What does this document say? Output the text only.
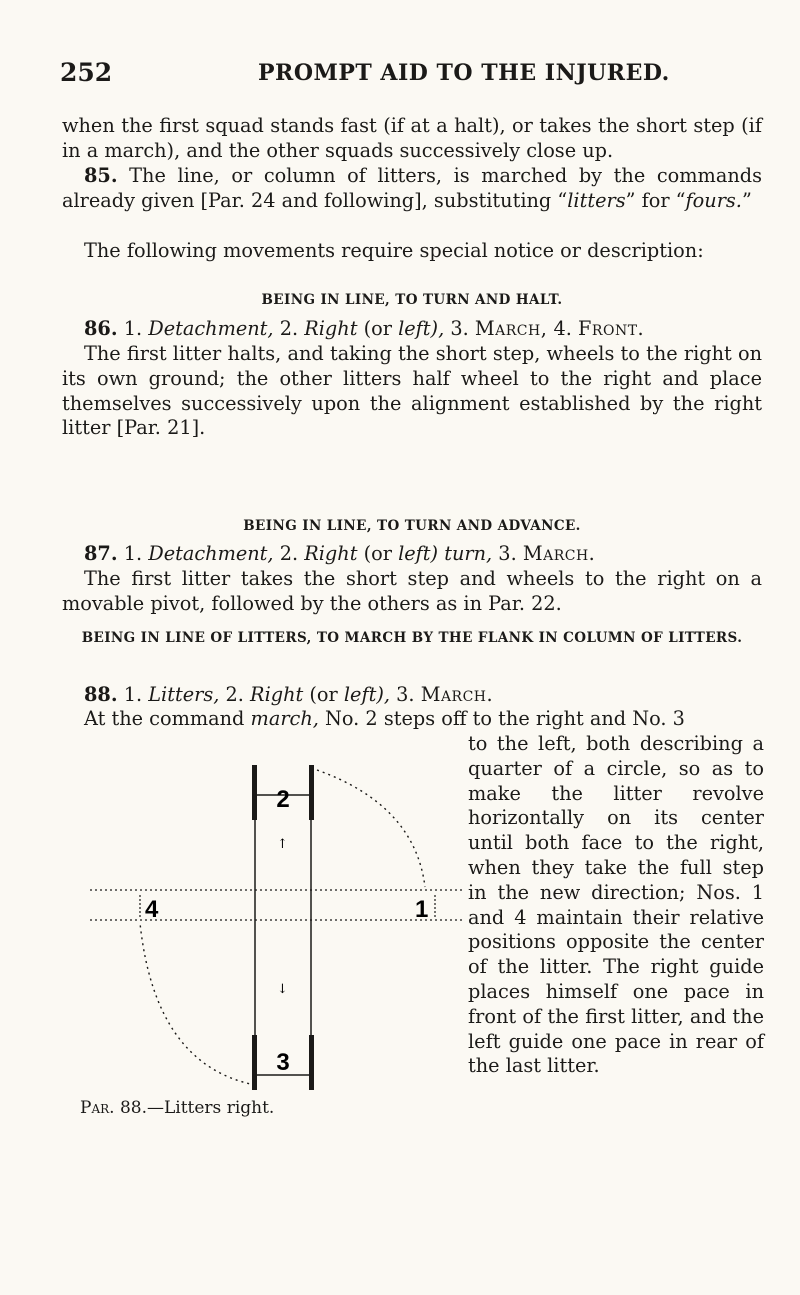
252	PROMPT AID TO THE INJURED.

when the first squad stands fast (if at a halt), or takes the short step (if in a march), and the other squads successively close up.

85. The line, or column of litters, is marched by the commands already given [Par. 24 and following], substituting “litters” for “fours.”

The following movements require special notice or description:

BEING IN LINE, TO TURN AND HALT.

86. 1. Detachment, 2. Right (or left), 3. March, 4. Front.

The first litter halts, and taking the short step, wheels to the right on its own ground; the other litters half wheel to the right and place themselves successively upon the alignment established by the right litter [Par. 21].

BEING IN LINE, TO TURN AND ADVANCE.

87. 1. Detachment, 2. Right (or left) turn, 3. March.

The first litter takes the short step and wheels to the right on a movable pivot, followed by the others as in Par. 22.

BEING IN LINE OF LITTERS, TO MARCH BY THE FLANK IN COLUMN OF LITTERS.

88. 1. Litters, 2. Right (or left), 3. March.

At the command march, No. 2 steps off to the right and No. 3

to the left, both describing a quarter of a circle, so as to make the litter revolve horizontally on its center until both face to the right, when they take the full step in the new direction; Nos. 1 and 4 maintain their relative positions opposite the center of the litter. The right guide places himself one pace in front of the first litter, and the left guide one pace in rear of the last litter.

2
3
↑
↓
4	1
Par. 88.—Litters right.
